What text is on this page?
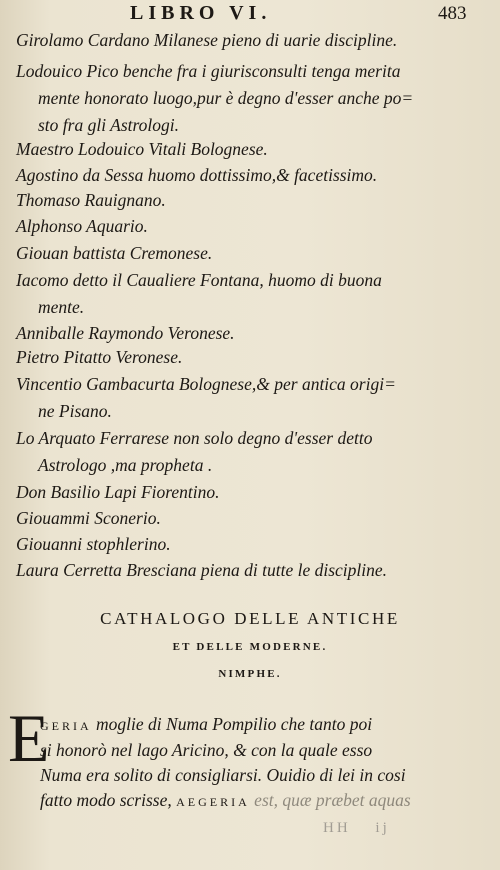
LIBRO VI.	483
Girolamo Cardano Milanese pieno di uarie discipline.
Lodouico Pico benche fra i giurisconsulti tenga merita
mente honorato luogo,pur è degno d'esser anche po=
sto fra gli Astrologi.
Maestro Lodouico Vitali Bolognese.
Agostino da Sessa huomo dottissimo,& facetissimo.
Thomaso Rauignano.
Alphonso Aquario.
Giouan battista Cremonese.
Iacomo detto il Caualiere Fontana, huomo di buona
mente.
Anniballe Raymondo Veronese.
Pietro Pitatto Veronese.
Vincentio Gambacurta Bolognese,& per antica origi=
ne Pisano.
Lo Arquato Ferrarese non solo degno d'esser detto
Astrologo ,ma propheta .
Don Basilio Lapi Fiorentino.
Giouammi Sconerio.
Giouanni stophlerino.
Laura Cerretta Bresciana piena di tutte le discipline.
CATHALOGO DELLE ANTICHE
ET DELLE MODERNE.
NIMPHE.
E
GERIA moglie di Numa Pompilio che tanto poi
si honorò nel lago Aricino, & con la quale esso
Numa era solito di consigliarsi. Ouidio di lei in cosi
fatto modo scrisse, AEGERIA est, quæ præbet aquas
HH ij
